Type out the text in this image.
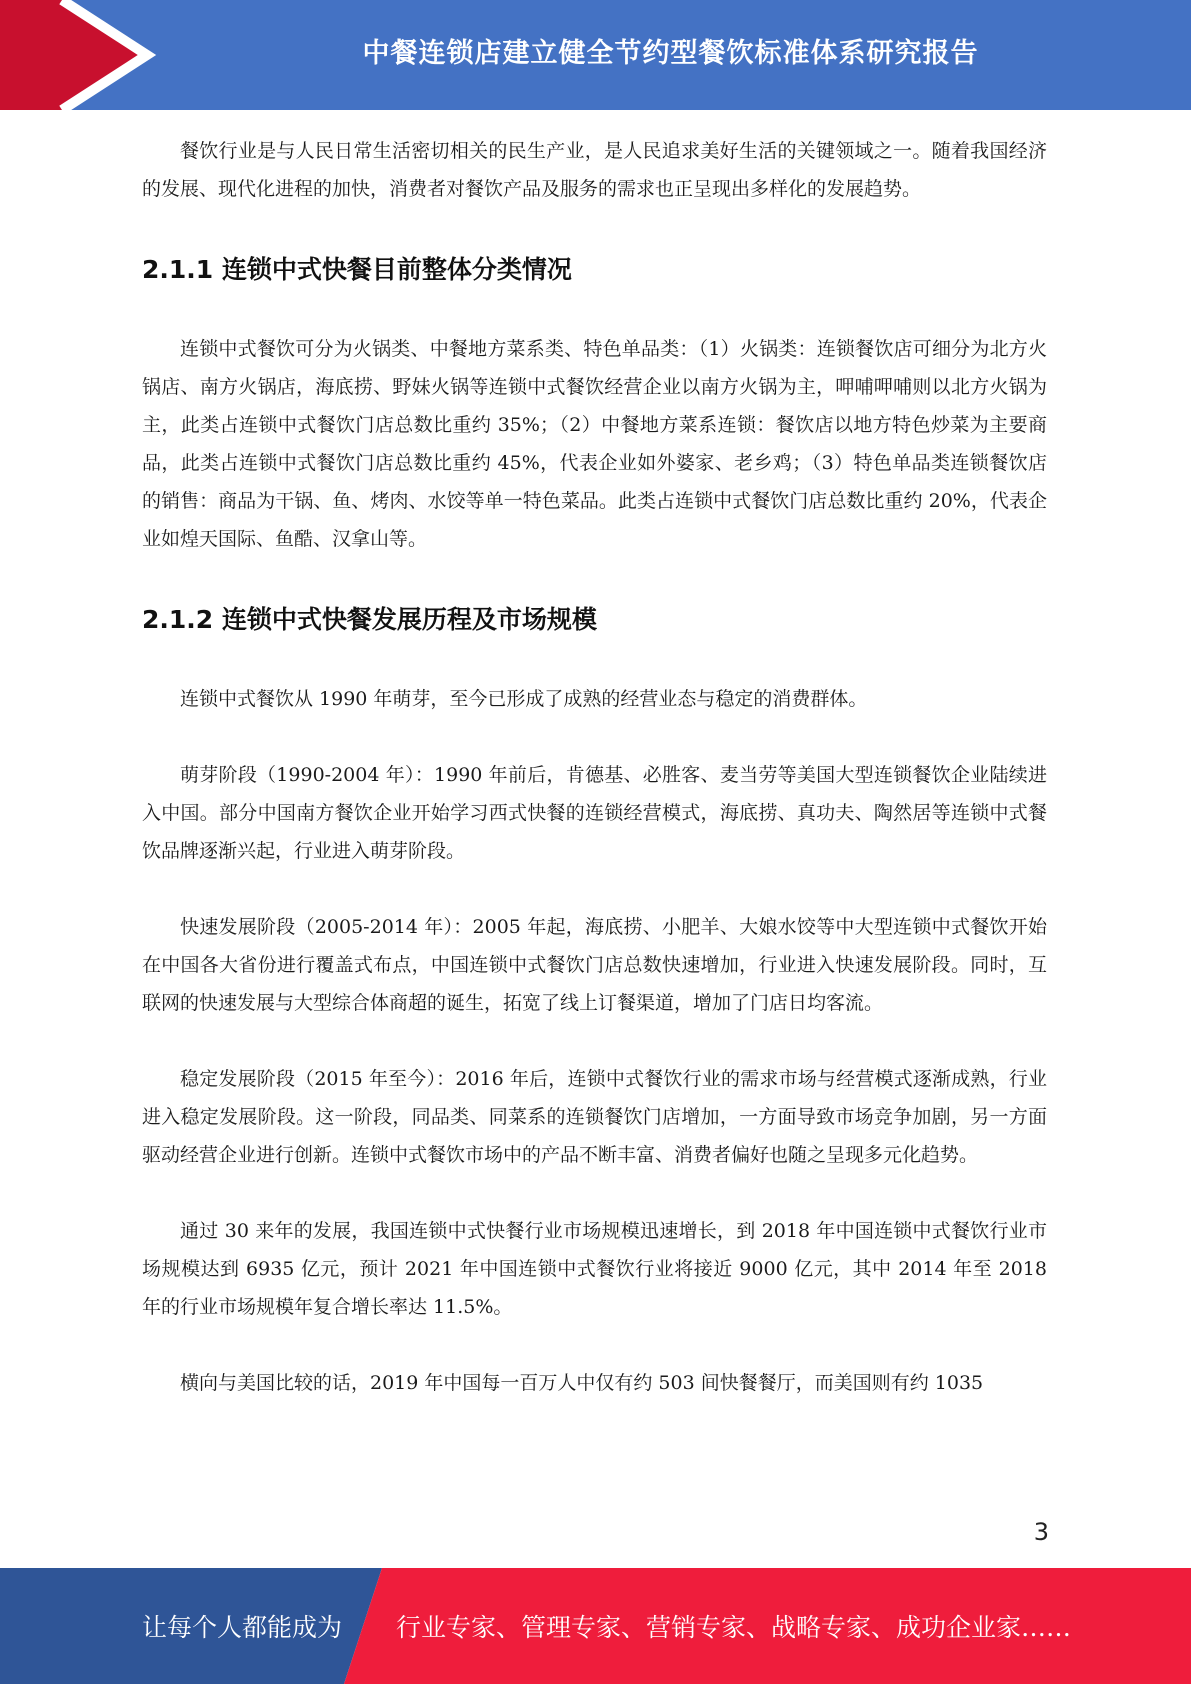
中餐连锁店建立健全节约型餐饮标准体系研究报告

餐饮行业是与人民日常生活密切相关的民生产业，是人民追求美好生活的关键领域之一。随着我国经济的发展、现代化进程的加快，消费者对餐饮产品及服务的需求也正呈现出多样化的发展趋势。

2.1.1 连锁中式快餐目前整体分类情况

连锁中式餐饮可分为火锅类、中餐地方菜系类、特色单品类：（1）火锅类：连锁餐饮店可细分为北方火锅店、南方火锅店，海底捞、野妹火锅等连锁中式餐饮经营企业以南方火锅为主，呷哺呷哺则以北方火锅为主，此类占连锁中式餐饮门店总数比重约 35%；（2）中餐地方菜系连锁：餐饮店以地方特色炒菜为主要商品，此类占连锁中式餐饮门店总数比重约 45%，代表企业如外婆家、老乡鸡；（3）特色单品类连锁餐饮店的销售：商品为干锅、鱼、烤肉、水饺等单一特色菜品。此类占连锁中式餐饮门店总数比重约 20%，代表企业如煌天国际、鱼酷、汉拿山等。

2.1.2 连锁中式快餐发展历程及市场规模

连锁中式餐饮从 1990 年萌芽，至今已形成了成熟的经营业态与稳定的消费群体。

萌芽阶段（1990-2004 年）：1990 年前后，肯德基、必胜客、麦当劳等美国大型连锁餐饮企业陆续进入中国。部分中国南方餐饮企业开始学习西式快餐的连锁经营模式，海底捞、真功夫、陶然居等连锁中式餐饮品牌逐渐兴起，行业进入萌芽阶段。

快速发展阶段（2005-2014 年）：2005 年起，海底捞、小肥羊、大娘水饺等中大型连锁中式餐饮开始在中国各大省份进行覆盖式布点，中国连锁中式餐饮门店总数快速增加，行业进入快速发展阶段。同时，互联网的快速发展与大型综合体商超的诞生，拓宽了线上订餐渠道，增加了门店日均客流。

稳定发展阶段（2015 年至今）：2016 年后，连锁中式餐饮行业的需求市场与经营模式逐渐成熟，行业进入稳定发展阶段。这一阶段，同品类、同菜系的连锁餐饮门店增加，一方面导致市场竞争加剧，另一方面驱动经营企业进行创新。连锁中式餐饮市场中的产品不断丰富、消费者偏好也随之呈现多元化趋势。

通过 30 来年的发展，我国连锁中式快餐行业市场规模迅速增长，到 2018 年中国连锁中式餐饮行业市场规模达到 6935 亿元，预计 2021 年中国连锁中式餐饮行业将接近 9000 亿元，其中 2014 年至 2018 年的行业市场规模年复合增长率达 11.5%。

横向与美国比较的话，2019 年中国每一百万人中仅有约 503 间快餐餐厅，而美国则有约 1035

3
让每个人都能成为 行业专家、管理专家、营销专家、战略专家、成功企业家……
